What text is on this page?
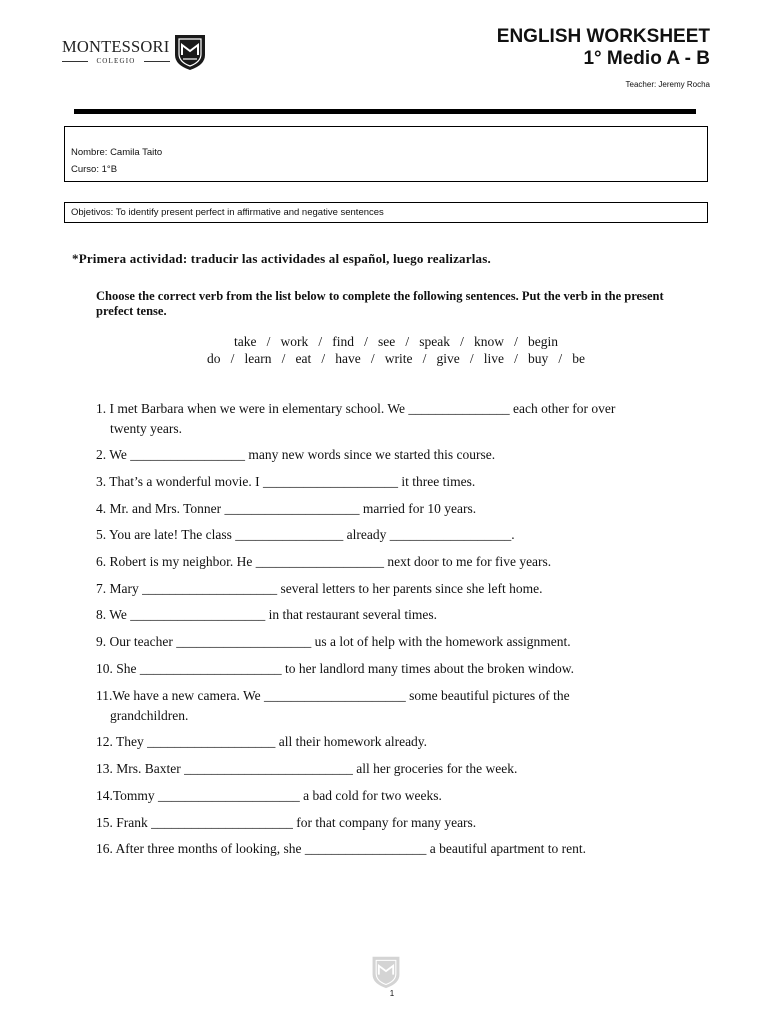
MONTESSORI
COLEGIO
ENGLISH WORKSHEET
1° Medio A - B
Teacher: Jeremy Rocha
Nombre: Camila Taito
Curso: 1°B
Objetivos: To identify present perfect in affirmative and negative sentences
*Primera actividad: traducir las actividades al español, luego realizarlas.
Choose the correct verb from the list below to complete the following sentences. Put the verb in the present prefect tense.
take   /   work   /   find   /   see   /   speak   /   know   /   begin
do   /   learn   /   eat   /   have   /   write   /   give   /   live   /   buy   /   be
1. I met Barbara when we were in elementary school. We _______________ each other for over
twenty years.
2. We _________________ many new words since we started this course.
3. That’s a wonderful movie. I ____________________ it three times.
4. Mr. and Mrs. Tonner ____________________ married for 10 years.
5. You are late! The class ________________ already __________________.
6. Robert is my neighbor. He ___________________ next door to me for five years.
7. Mary ____________________ several letters to her parents since she left home.
8. We ____________________ in that restaurant several times.
9. Our teacher ____________________ us a lot of help with the homework assignment.
10. She _____________________ to her landlord many times about the broken window.
11.We have a new camera. We _____________________ some beautiful pictures of the
grandchildren.
12. They ___________________ all their homework already.
13. Mrs. Baxter _________________________ all her groceries for the week.
14.Tommy _____________________ a bad cold for two weeks.
15. Frank _____________________ for that company for many years.
16. After three months of looking, she __________________ a beautiful apartment to rent.
1
